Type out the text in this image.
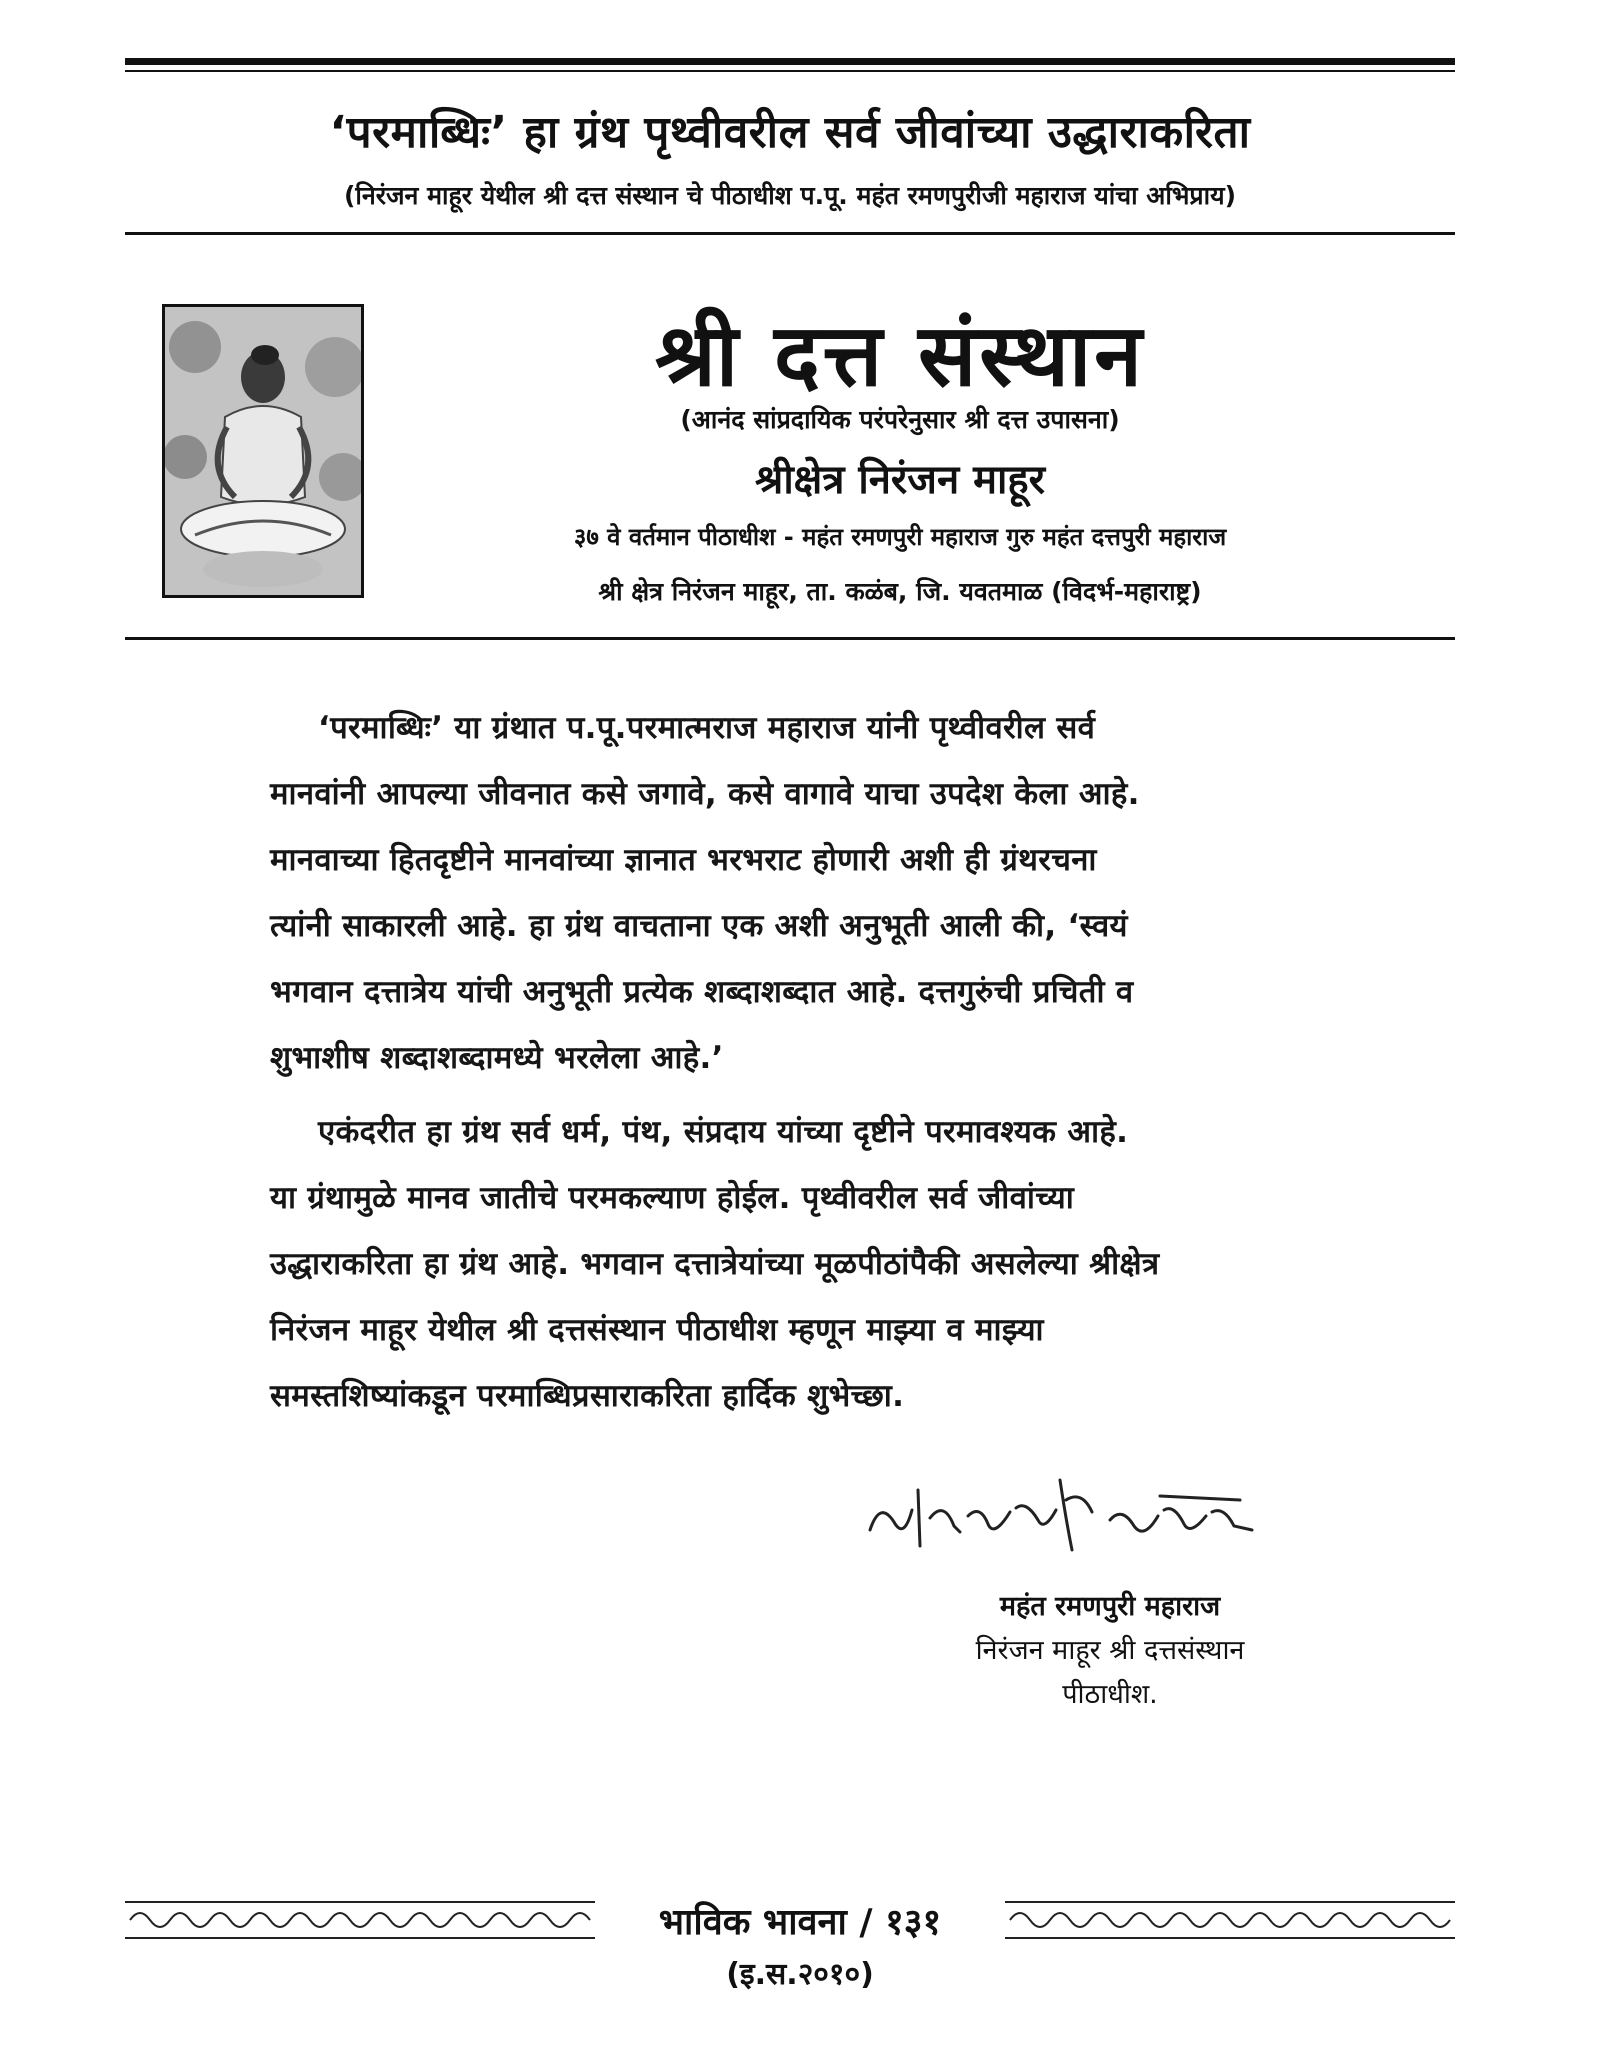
‘परमाब्धिः’ हा ग्रंथ पृथ्वीवरील सर्व जीवांच्या उद्धाराकरिता
(निरंजन माहूर येथील श्री दत्त संस्थान चे पीठाधीश प.पू. महंत रमणपुरीजी महाराज यांचा अभिप्राय)
श्री दत्त संस्थान
(आनंद सांप्रदायिक परंपरेनुसार श्री दत्त उपासना)
श्रीक्षेत्र निरंजन माहूर
३७ वे वर्तमान पीठाधीश - महंत रमणपुरी महाराज गुरु महंत दत्तपुरी महाराज
श्री क्षेत्र निरंजन माहूर, ता. कळंब, जि. यवतमाळ (विदर्भ-महाराष्ट्र)
‘परमाब्धिः’ या ग्रंथात प.पू.परमात्मराज महाराज यांनी पृथ्वीवरील सर्व
मानवांनी आपल्या जीवनात कसे जगावे, कसे वागावे याचा उपदेश केला आहे.
मानवाच्या हितदृष्टीने मानवांच्या ज्ञानात भरभराट होणारी अशी ही ग्रंथरचना
त्यांनी साकारली आहे. हा ग्रंथ वाचताना एक अशी अनुभूती आली की, ‘स्वयं
भगवान दत्तात्रेय यांची अनुभूती प्रत्येक शब्दाशब्दात आहे. दत्तगुरुंची प्रचिती व
शुभाशीष शब्दाशब्दामध्ये भरलेला आहे.’
एकंदरीत हा ग्रंथ सर्व धर्म, पंथ, संप्रदाय यांच्या दृष्टीने परमावश्यक आहे.
या ग्रंथामुळे मानव जातीचे परमकल्याण होईल. पृथ्वीवरील सर्व जीवांच्या
उद्धाराकरिता हा ग्रंथ आहे. भगवान दत्तात्रेयांच्या मूळपीठांपैकी असलेल्या श्रीक्षेत्र
निरंजन माहूर येथील श्री दत्तसंस्थान पीठाधीश म्हणून माझ्या व माझ्या
समस्तशिष्यांकडून परमाब्धिप्रसाराकरिता हार्दिक शुभेच्छा.
महंत रमणपुरी महाराज
निरंजन माहूर श्री दत्तसंस्थान
पीठाधीश.
भाविक भावना / १३१
(इ.स.२०१०)
